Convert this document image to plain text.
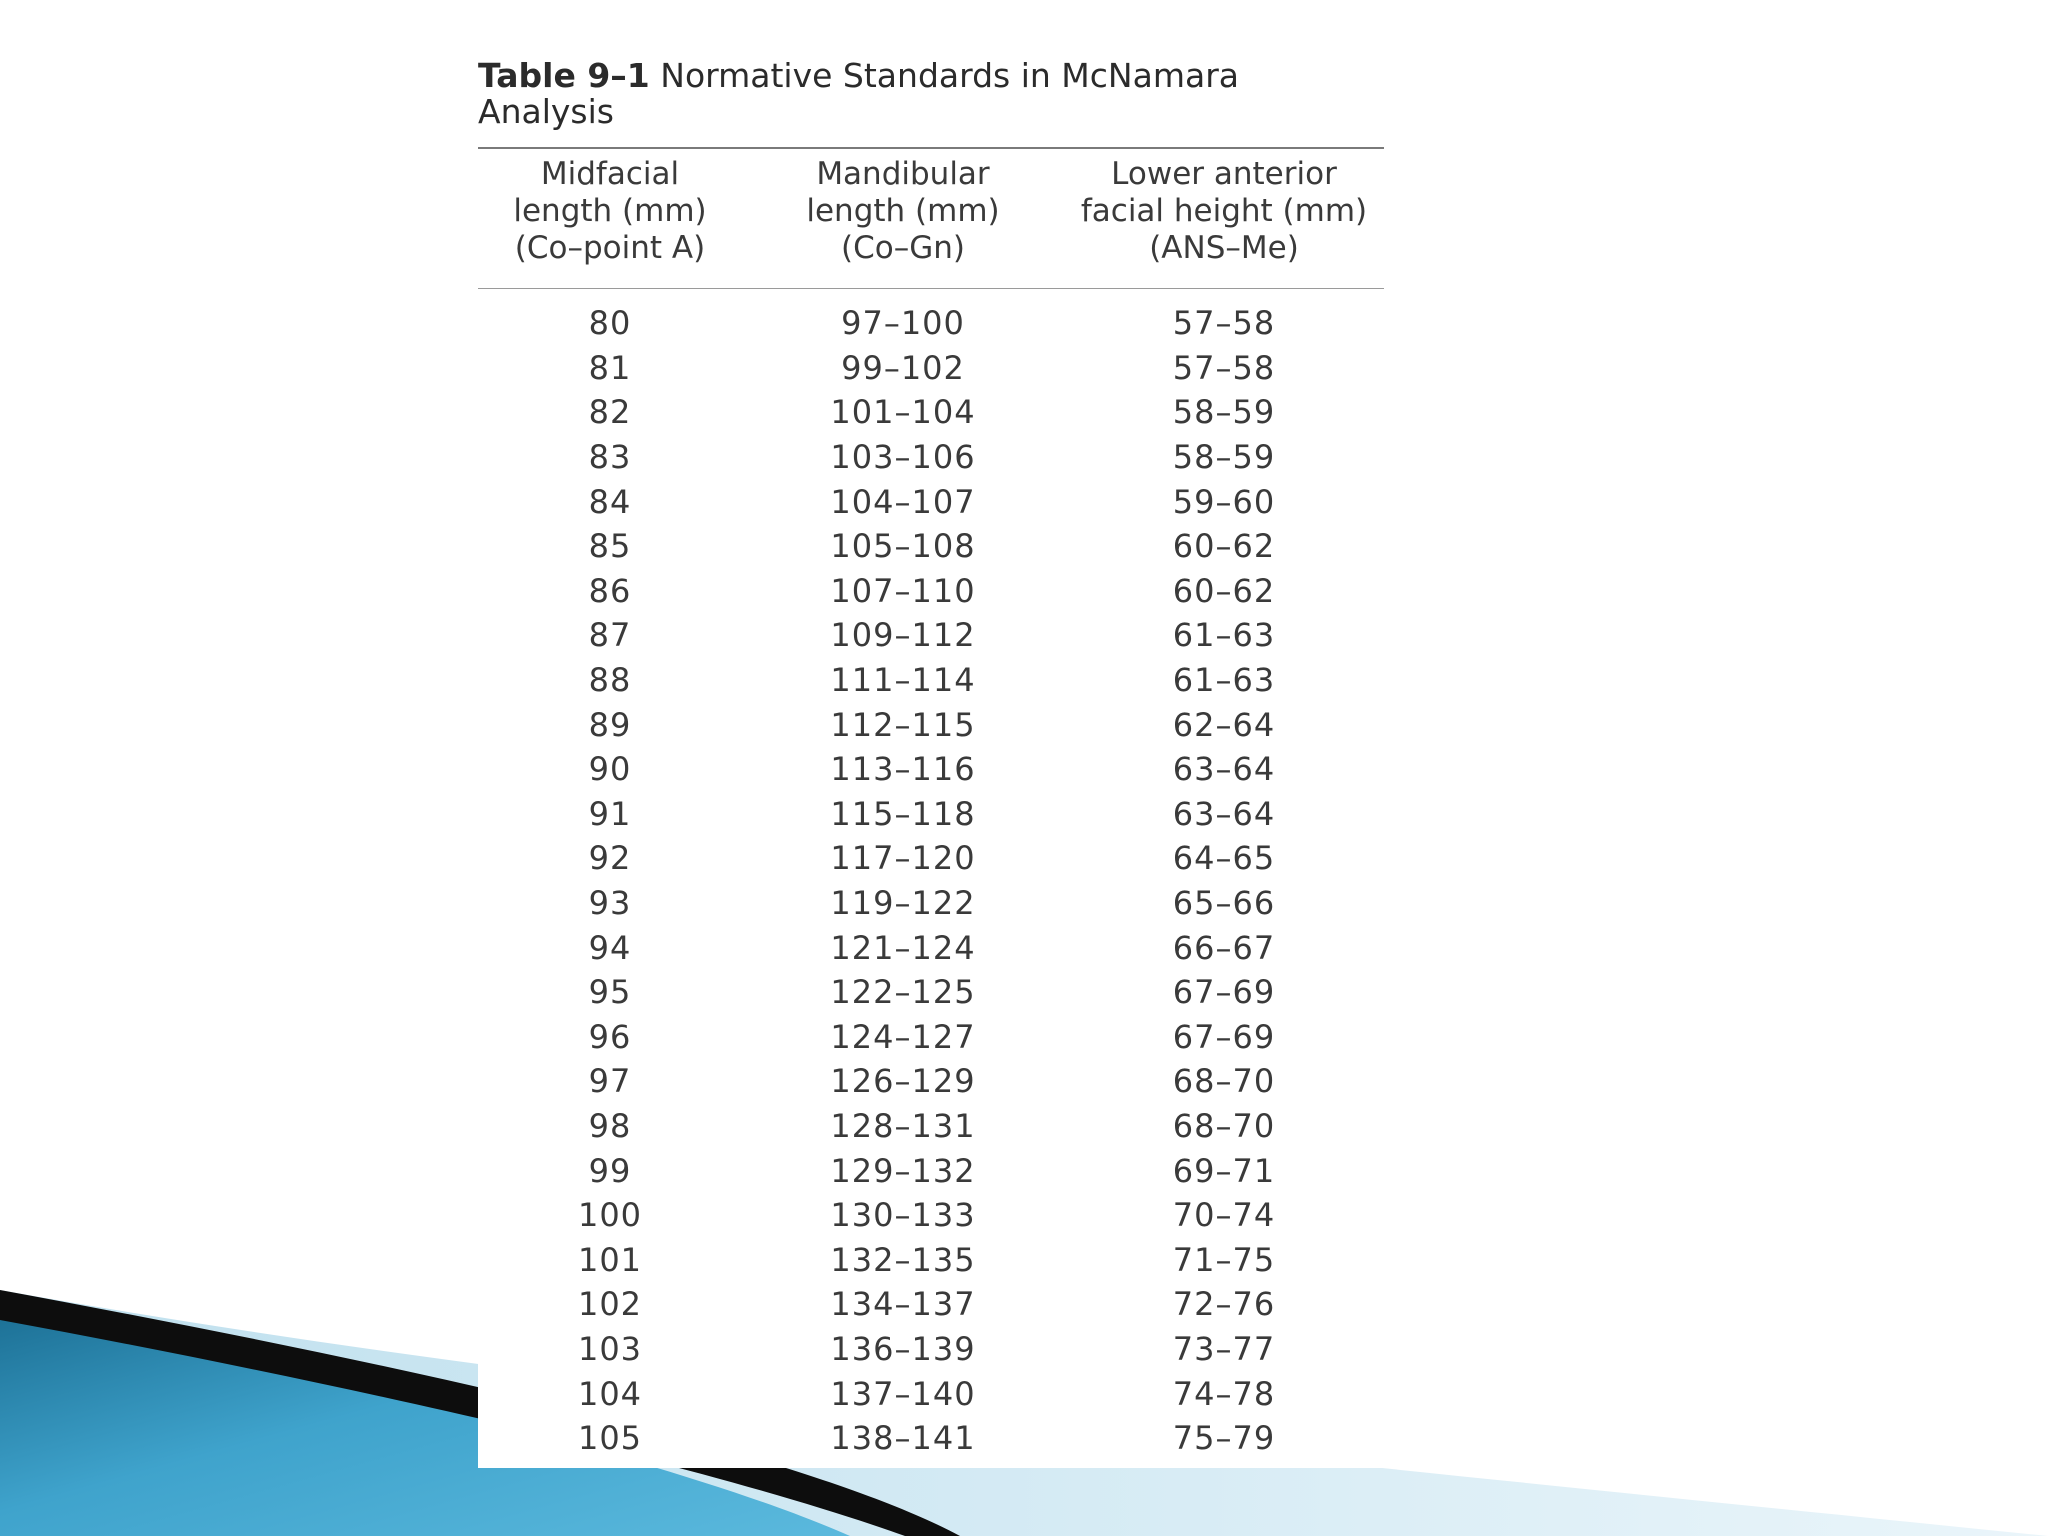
Table 9–1 Normative Standards in McNamara Analysis
Midfacial
length (mm)
(Co–point A)
Mandibular
length (mm)
(Co–Gn)
Lower anterior
facial height (mm)
(ANS–Me)
80	97–100	57–58
81	99–102	57–58
82	101–104	58–59
83	103–106	58–59
84	104–107	59–60
85	105–108	60–62
86	107–110	60–62
87	109–112	61–63
88	111–114	61–63
89	112–115	62–64
90	113–116	63–64
91	115–118	63–64
92	117–120	64–65
93	119–122	65–66
94	121–124	66–67
95	122–125	67–69
96	124–127	67–69
97	126–129	68–70
98	128–131	68–70
99	129–132	69–71
100	130–133	70–74
101	132–135	71–75
102	134–137	72–76
103	136–139	73–77
104	137–140	74–78
105	138–141	75–79
